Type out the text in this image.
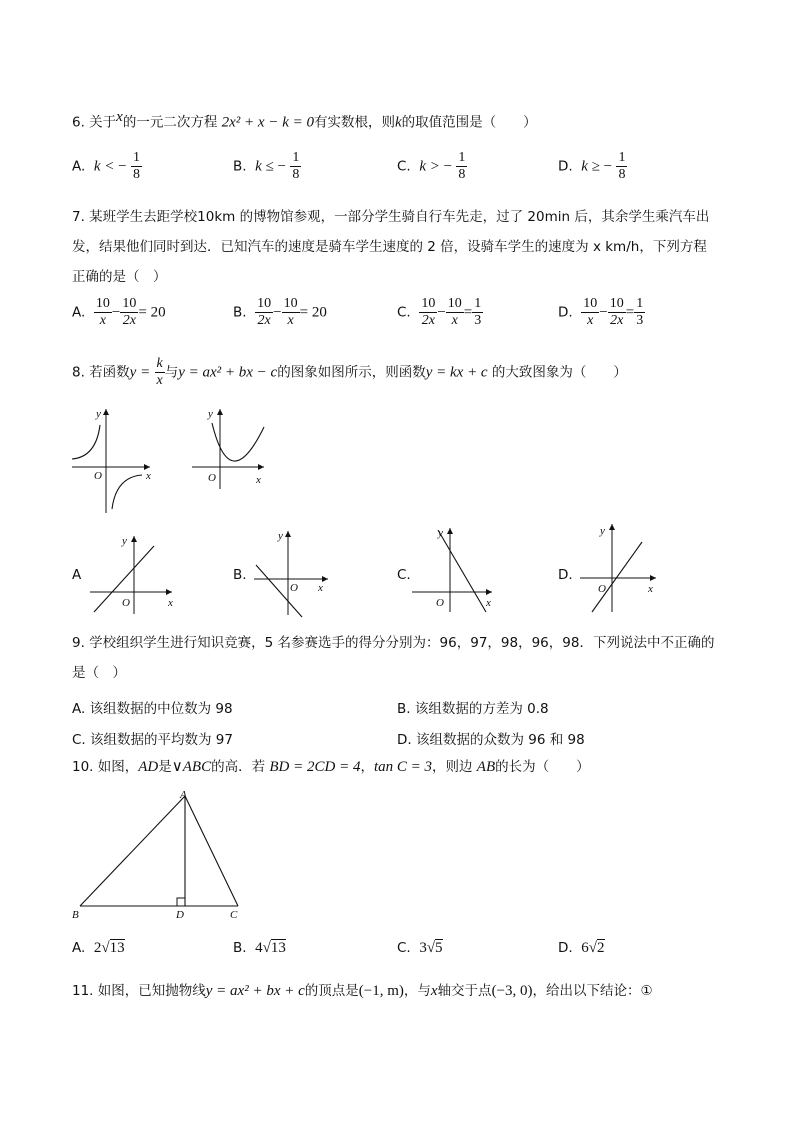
6. 关于$^x$的一元二次方程 2x² + x − k = 0有实数根，则k的取值范围是（　　）
A. k < − $\frac{1}{8}$	B. k ≤ − $\frac{1}{8}$	C. k > − $\frac{1}{8}$	D. k ≥ − $\frac{1}{8}$
7. 某班学生去距学校10km 的博物馆参观，一部分学生骑自行车先走，过了 20min 后，其余学生乘汽车出
发，结果他们同时到达．已知汽车的速度是骑车学生速度的 2 倍，设骑车学生的速度为 x km/h，下列方程
正确的是（　）
A. $\frac{10}{x} - \frac{10}{2x} = 20$	B. $\frac{10}{2x} - \frac{10}{x} = 20$	C. $\frac{10}{2x} - \frac{10}{x} = \frac{1}{3}$	D. $\frac{10}{x} - \frac{10}{2x} = \frac{1}{3}$
8. 若函数$y = \frac{k}{x}$ 与y = ax² + bx − c的图象如图所示，则函数y = kx + c 的大致图象为（　　）
y
x
O
y
x
O
A
y
x
O
B.
y
x
O
C.
y
x
O
D.
y
x
O
9. 学校组织学生进行知识竞赛，5 名参赛选手的得分分别为：96，97，98，96，98．下列说法中不正确的
是（　）
A. 该组数据的中位数为 98	B. 该组数据的方差为 0.8
C. 该组数据的平均数为 97	D. 该组数据的众数为 96 和 98
10. 如图，AD是∨ABC的高．若 BD = 2CD = 4，tan C = 3，则边 AB的长为（　　）
A
B	D	C
A. 2√13	B. 4√13	C. 3√5	D. 6√2
11. 如图，已知抛物线y = ax² + bx + c的顶点是(−1, m)，与x轴交于点(−3, 0)，给出以下结论：①
